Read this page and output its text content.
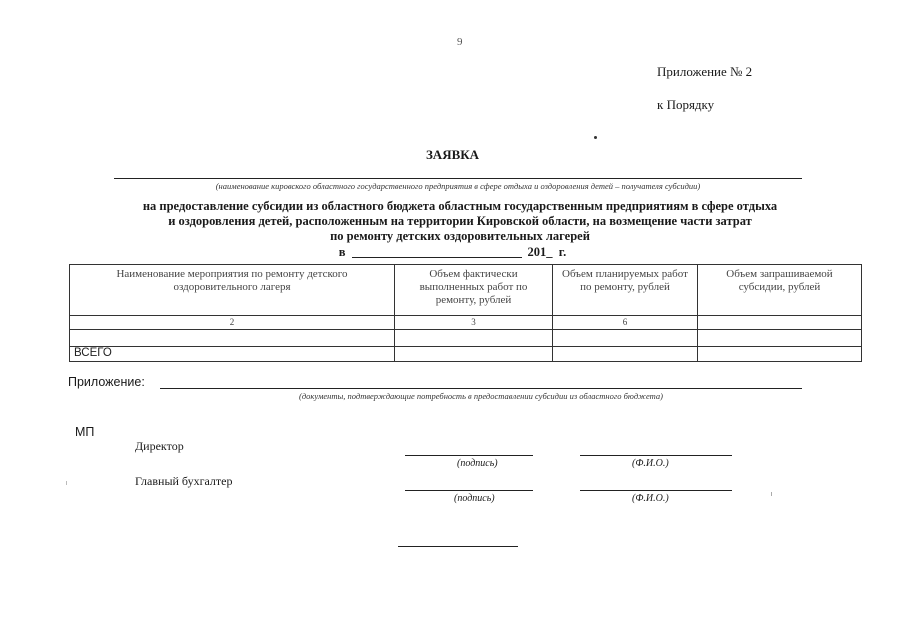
9
Приложение № 2
к Порядку
ЗАЯВКА
(наименование кировского областного государственного предприятия в сфере отдыха и оздоровления детей – получателя субсидии)
на предоставление субсидии из областного бюджета областным государственным предприятиям в сфере отдыха
и оздоровления детей, расположенным на территории Кировской области, на возмещение части затрат
по ремонту детских оздоровительных лагерей
в	201_ г.
Наименование мероприятия по ремонту детского оздоровительного лагеря	Объем фактически выполненных работ по ремонту, рублей	Объем планируемых работ по ремонту, рублей	Объем запрашиваемой субсидии, рублей
2	3	6	

ВСЕГО			
Приложение:
(документы, подтверждающие потребность в предоставлении субсидии из областного бюджета)
МП
Директор
(подпись)	(Ф.И.О.)
Главный бухгалтер
(подпись)	(Ф.И.О.)
